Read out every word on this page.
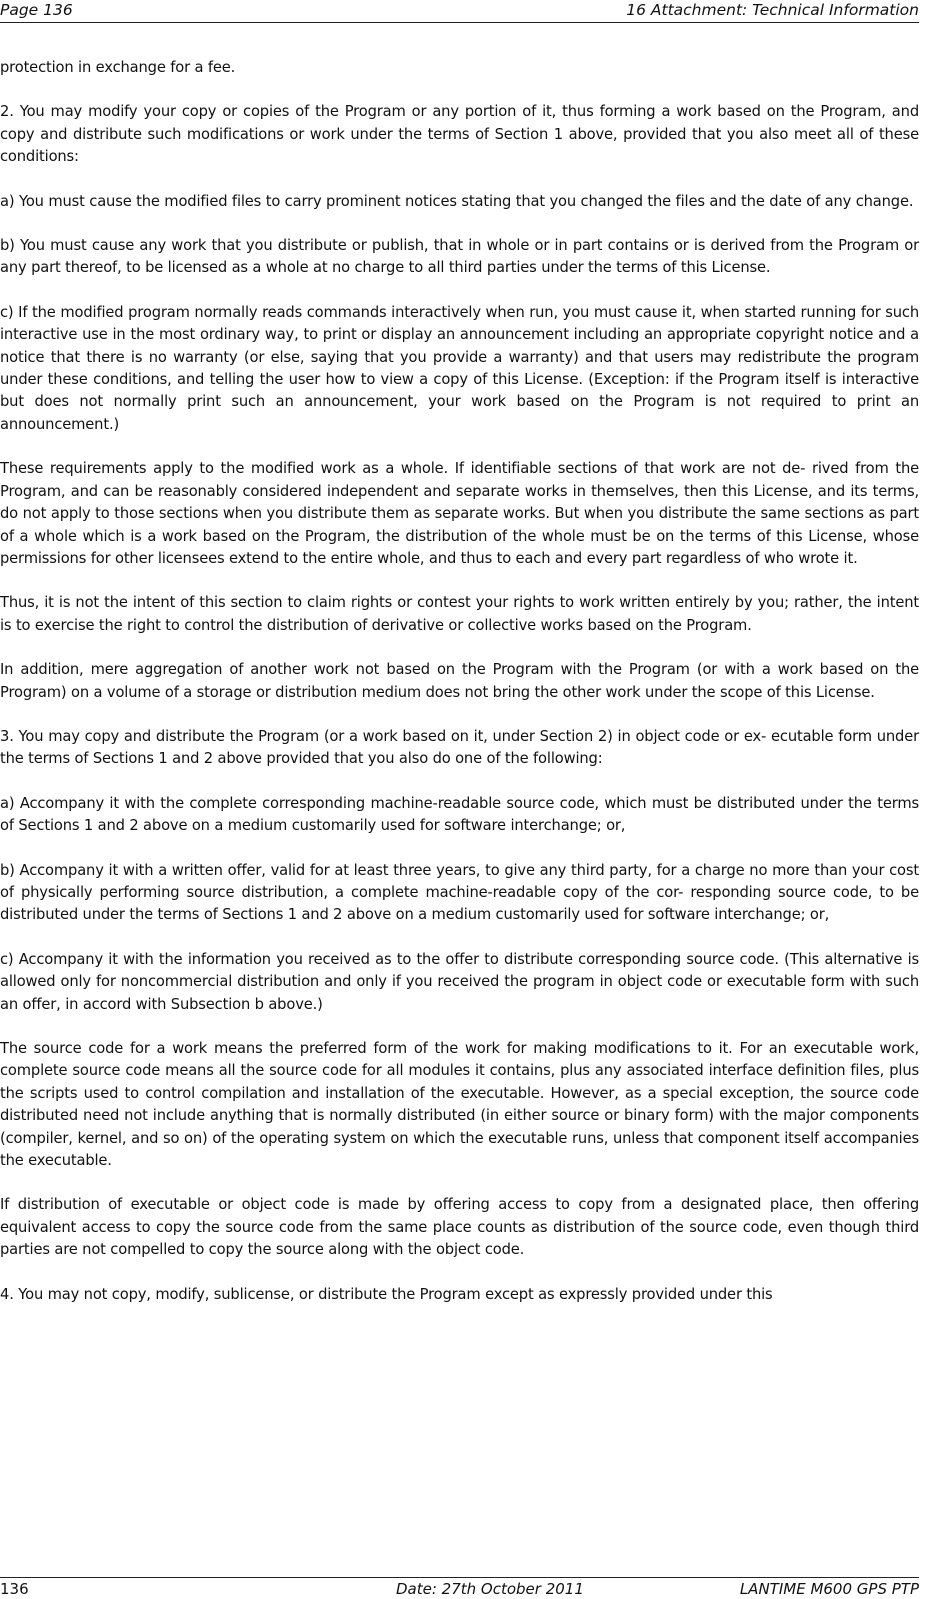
Page 136	16 Attachment: Technical Information

protection in exchange for a fee.

2. You may modify your copy or copies of the Program or any portion of it, thus forming a work based on the Program, and copy and distribute such modifications or work under the terms of Section 1 above, provided that you also meet all of these conditions:

a) You must cause the modified files to carry prominent notices stating that you changed the files and the date of any change.

b) You must cause any work that you distribute or publish, that in whole or in part contains or is derived from the Program or any part thereof, to be licensed as a whole at no charge to all third parties under the terms of this License.

c) If the modified program normally reads commands interactively when run, you must cause it, when started running for such interactive use in the most ordinary way, to print or display an announcement including an appropriate copyright notice and a notice that there is no warranty (or else, saying that you provide a warranty) and that users may redistribute the program under these conditions, and telling the user how to view a copy of this License. (Exception: if the Program itself is interactive but does not normally print such an announcement, your work based on the Program is not required to print an announcement.)

These requirements apply to the modified work as a whole. If identifiable sections of that work are not de- rived from the Program, and can be reasonably considered independent and separate works in themselves, then this License, and its terms, do not apply to those sections when you distribute them as separate works. But when you distribute the same sections as part of a whole which is a work based on the Program, the distribution of the whole must be on the terms of this License, whose permissions for other licensees extend to the entire whole, and thus to each and every part regardless of who wrote it.

Thus, it is not the intent of this section to claim rights or contest your rights to work written entirely by you; rather, the intent is to exercise the right to control the distribution of derivative or collective works based on the Program.

In addition, mere aggregation of another work not based on the Program with the Program (or with a work based on the Program) on a volume of a storage or distribution medium does not bring the other work under the scope of this License.

3. You may copy and distribute the Program (or a work based on it, under Section 2) in object code or ex- ecutable form under the terms of Sections 1 and 2 above provided that you also do one of the following:

a) Accompany it with the complete corresponding machine-readable source code, which must be distributed under the terms of Sections 1 and 2 above on a medium customarily used for software interchange; or,

b) Accompany it with a written offer, valid for at least three years, to give any third party, for a charge no more than your cost of physically performing source distribution, a complete machine-readable copy of the cor- responding source code, to be distributed under the terms of Sections 1 and 2 above on a medium customarily used for software interchange; or,

c) Accompany it with the information you received as to the offer to distribute corresponding source code. (This alternative is allowed only for noncommercial distribution and only if you received the program in object code or executable form with such an offer, in accord with Subsection b above.)

The source code for a work means the preferred form of the work for making modifications to it. For an executable work, complete source code means all the source code for all modules it contains, plus any associated interface definition files, plus the scripts used to control compilation and installation of the executable. However, as a special exception, the source code distributed need not include anything that is normally distributed (in either source or binary form) with the major components (compiler, kernel, and so on) of the operating system on which the executable runs, unless that component itself accompanies the executable.

If distribution of executable or object code is made by offering access to copy from a designated place, then offering equivalent access to copy the source code from the same place counts as distribution of the source code, even though third parties are not compelled to copy the source along with the object code.

4. You may not copy, modify, sublicense, or distribute the Program except as expressly provided under this

136	Date: 27th October 2011	LANTIME M600 GPS PTP
